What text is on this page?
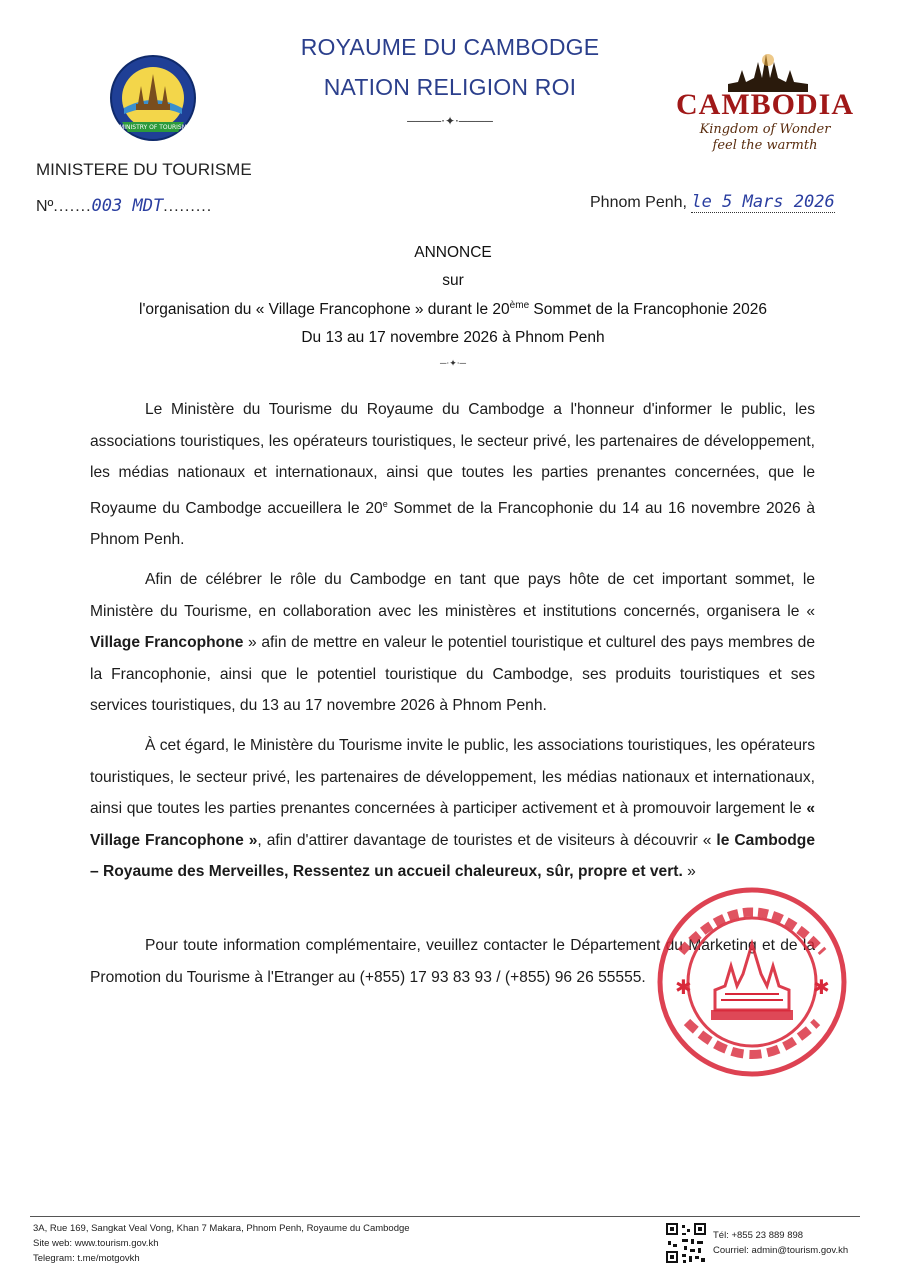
MINISTRY OF TOURISM
ROYAUME DU CAMBODGE
NATION RELIGION ROI
────⋅✦⋅────	CAMBODIA
Kingdom of Wonder
feel the warmth
MINISTERE DU TOURISME
Nº.......003 MDT.........	Phnom Penh, le 5 Mars 2026
ANNONCE
sur
l'organisation du « Village Francophone » durant le 20ème Sommet de la Francophonie 2026
Du 13 au 17 novembre 2026 à Phnom Penh
─⋅✦⋅─
Le Ministère du Tourisme du Royaume du Cambodge a l'honneur d'informer le public, les associations touristiques, les opérateurs touristiques, le secteur privé, les partenaires de développement, les médias nationaux et internationaux, ainsi que toutes les parties prenantes concernées, que le Royaume du Cambodge accueillera le 20e Sommet de la Francophonie du 14 au 16 novembre 2026 à Phnom Penh.
Afin de célébrer le rôle du Cambodge en tant que pays hôte de cet important sommet, le Ministère du Tourisme, en collaboration avec les ministères et institutions concernés, organisera le « Village Francophone » afin de mettre en valeur le potentiel touristique et culturel des pays membres de la Francophonie, ainsi que le potentiel touristique du Cambodge, ses produits touristiques et ses services touristiques, du 13 au 17 novembre 2026 à Phnom Penh.
À cet égard, le Ministère du Tourisme invite le public, les associations touristiques, les opérateurs touristiques, le secteur privé, les partenaires de développement, les médias nationaux et internationaux, ainsi que toutes les parties prenantes concernées à participer activement et à promouvoir largement le « Village Francophone », afin d'attirer davantage de touristes et de visiteurs à découvrir « le Cambodge – Royaume des Merveilles, Ressentez un accueil chaleureux, sûr, propre et vert. »
Pour toute information complémentaire, veuillez contacter le Département du Marketing et de la Promotion du Tourisme à l'Etranger au (+855) 17 93 83 93 / (+855) 96 26 55555.	✱	✱
3A, Rue 169, Sangkat Veal Vong, Khan 7 Makara, Phnom Penh, Royaume du Cambodge
Site web: www.tourism.gov.kh
Telegram: t.me/motgovkh
Tél: +855 23 889 898
Courriel: admin@tourism.gov.kh
